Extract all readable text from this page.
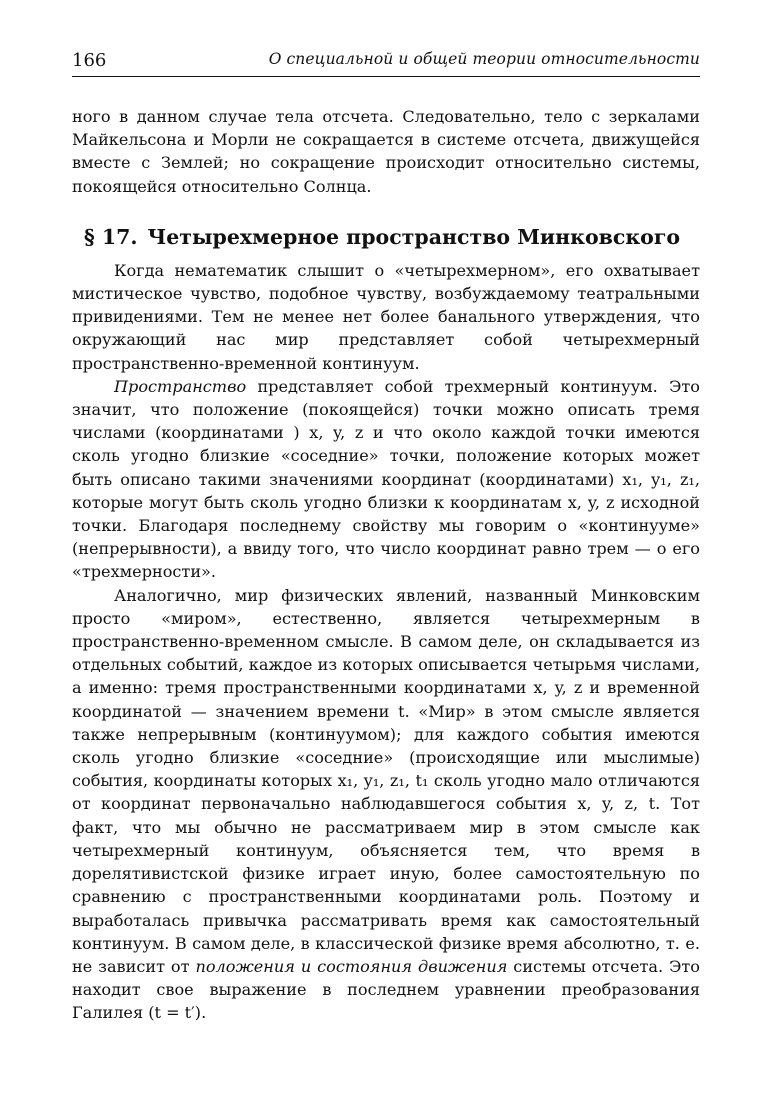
166	О специальной и общей теории относительности

ного в данном случае тела отсчета. Следовательно, тело с зеркалами Майкельсона и Морли не сокращается в системе отсчета, движущейся вместе с Землей; но сокращение происходит относительно системы, покоящейся относительно Солнца.

§ 17. Четырехмерное пространство Минковского

Когда нематематик слышит о «четырехмерном», его охватывает мистическое чувство, подобное чувству, возбуждаемому театральными привидениями. Тем не менее нет более банального утверждения, что окружающий нас мир представляет собой четырехмерный пространственно-временной континуум.

Пространство представляет собой трехмерный континуум. Это значит, что положение (покоящейся) точки можно описать тремя числами (координатами ) x, y, z и что около каждой точки имеются сколь угодно близкие «соседние» точки, положение которых может быть описано такими значениями координат (координатами) x₁, y₁, z₁, которые могут быть сколь угодно близки к координатам x, y, z исходной точки. Благодаря последнему свойству мы говорим о «континууме» (непрерывности), а ввиду того, что число координат равно трем — о его «трехмерности».

Аналогично, мир физических явлений, названный Минковским просто «миром», естественно, является четырехмерным в пространственно-временном смысле. В самом деле, он складывается из отдельных событий, каждое из которых описывается четырьмя числами, а именно: тремя пространственными координатами x, y, z и временной координатой — значением времени t. «Мир» в этом смысле является также непрерывным (континуумом); для каждого события имеются сколь угодно близкие «соседние» (происходящие или мыслимые) события, координаты которых x₁, y₁, z₁, t₁ сколь угодно мало отличаются от координат первоначально наблюдавшегося события x, y, z, t. Тот факт, что мы обычно не рассматриваем мир в этом смысле как четырехмерный континуум, объясняется тем, что время в дорелятивистской физике играет иную, более самостоятельную по сравнению с пространственными координатами роль. Поэтому и выработалась привычка рассматривать время как самостоятельный континуум. В самом деле, в классической физике время абсолютно, т. е. не зависит от положения и состояния движения системы отсчета. Это находит свое выражение в последнем уравнении преобразования Галилея (t = t′).
